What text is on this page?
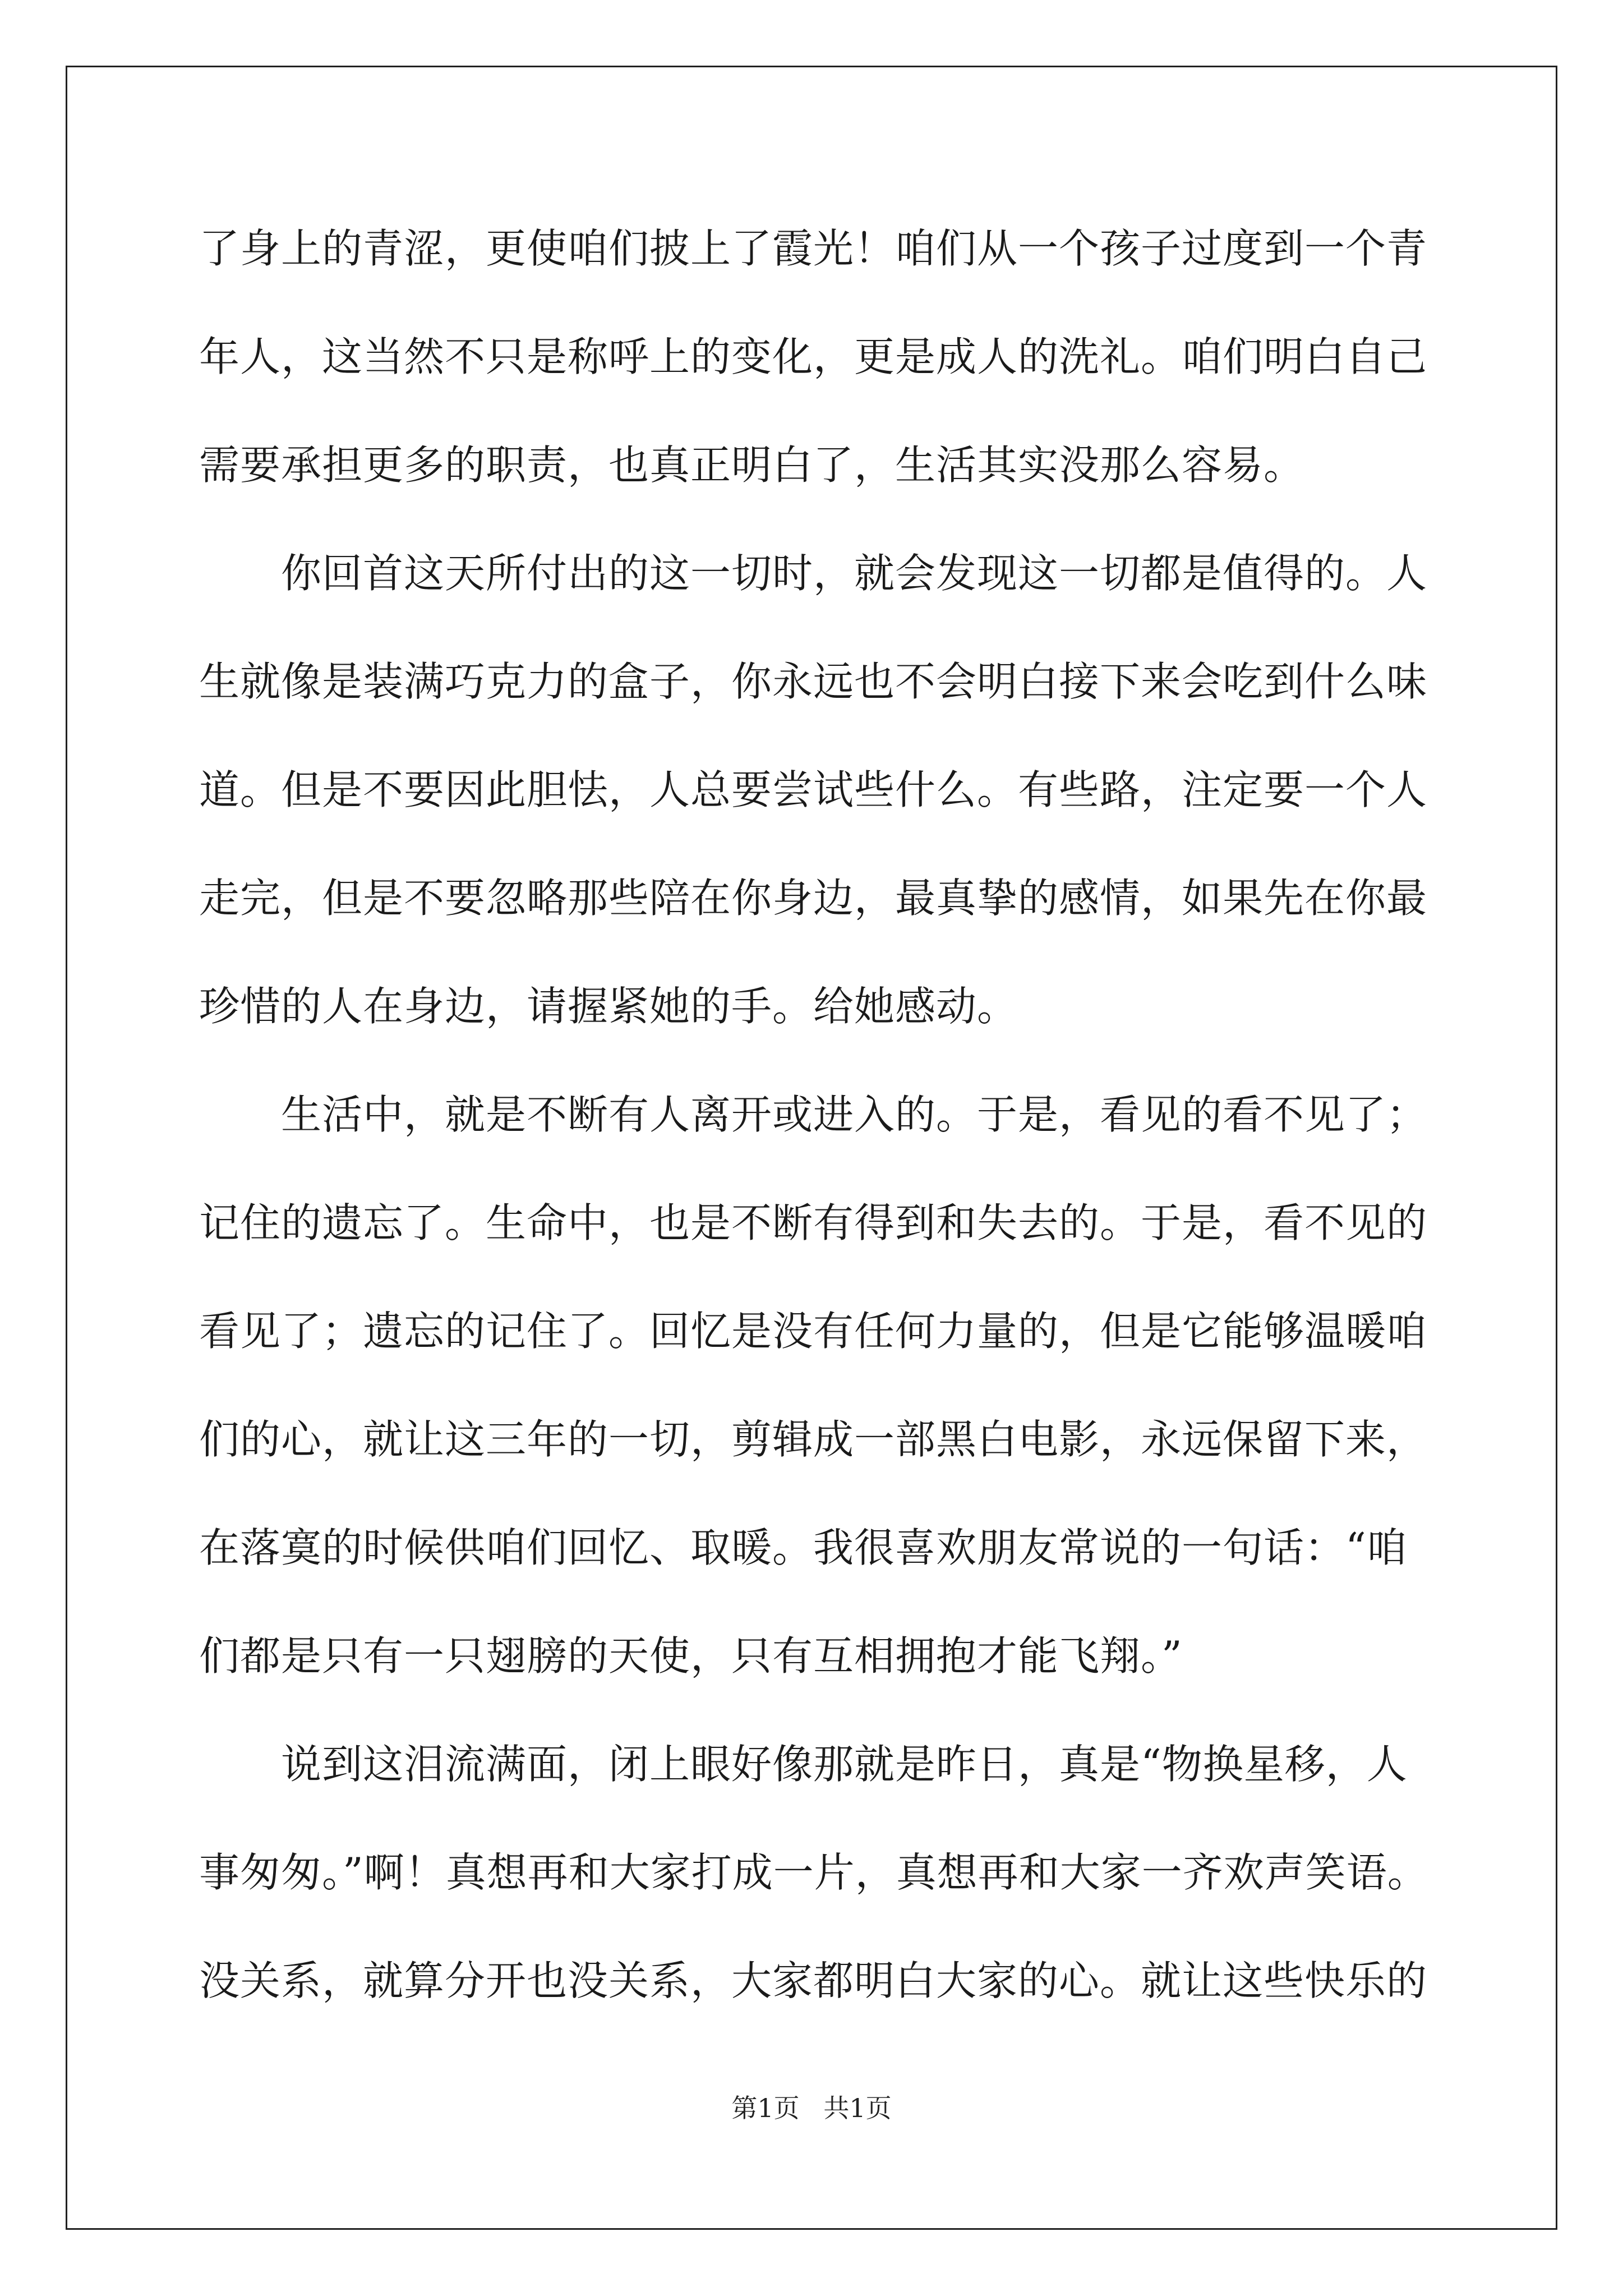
了身上的青涩，更使咱们披上了霞光！咱们从一个孩子过度到一个青
年人，这当然不只是称呼上的变化，更是成人的洗礼。咱们明白自己
需要承担更多的职责，也真正明白了，生活其实没那么容易。
　　你回首这天所付出的这一切时，就会发现这一切都是值得的。人
生就像是装满巧克力的盒子，你永远也不会明白接下来会吃到什么味
道。但是不要因此胆怯，人总要尝试些什么。有些路，注定要一个人
走完，但是不要忽略那些陪在你身边，最真挚的感情，如果先在你最
珍惜的人在身边，请握紧她的手。给她感动。
　　生活中，就是不断有人离开或进入的。于是，看见的看不见了；
记住的遗忘了。生命中，也是不断有得到和失去的。于是，看不见的
看见了；遗忘的记住了。回忆是没有任何力量的，但是它能够温暖咱
们的心，就让这三年的一切，剪辑成一部黑白电影，永远保留下来，
在落寞的时候供咱们回忆、取暖。我很喜欢朋友常说的一句话：“咱
们都是只有一只翅膀的天使，只有互相拥抱才能飞翔。”
　　说到这泪流满面，闭上眼好像那就是昨日，真是“物换星移，人
事匆匆。”啊！真想再和大家打成一片，真想再和大家一齐欢声笑语。
没关系，就算分开也没关系，大家都明白大家的心。就让这些快乐的
第1页 共1页
